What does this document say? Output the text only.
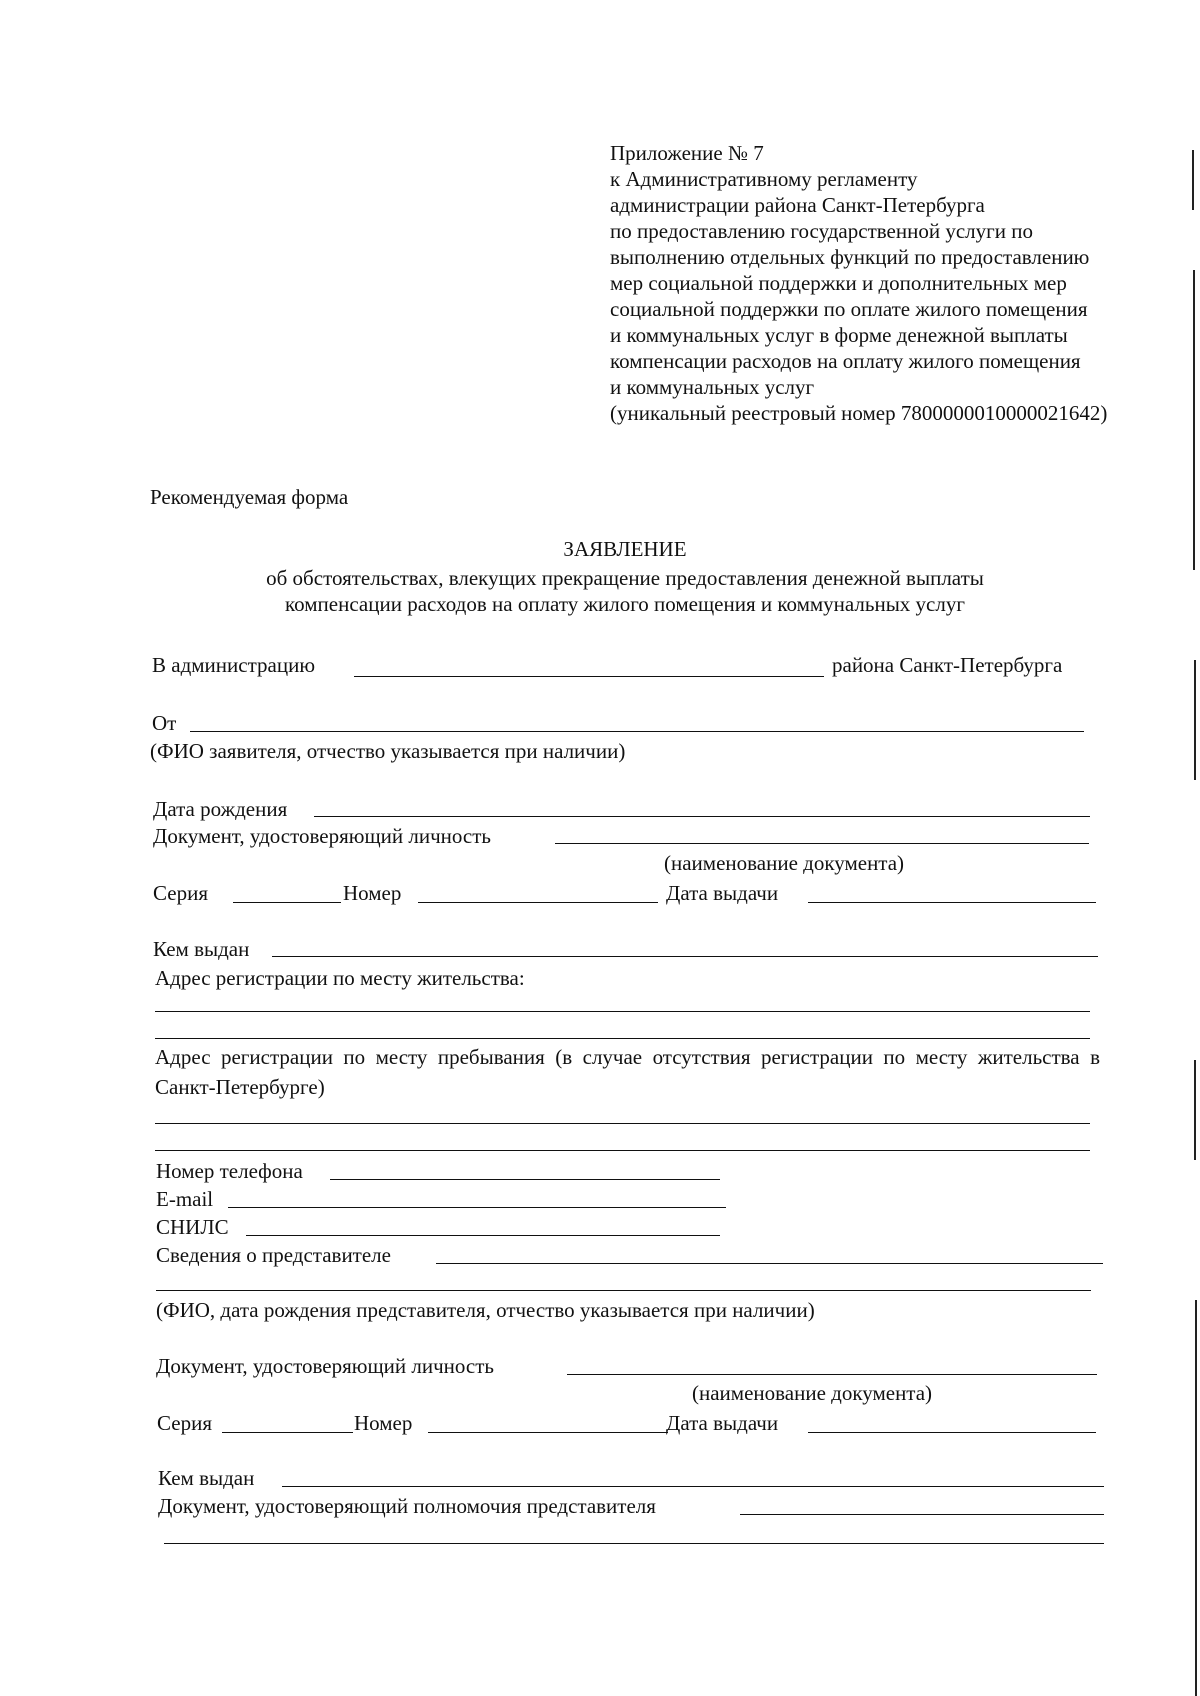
Приложение № 7
к Административному регламенту
администрации района Санкт-Петербурга
по предоставлению государственной услуги по
выполнению отдельных функций по предоставлению
мер социальной поддержки и дополнительных мер
социальной поддержки по оплате жилого помещения
и коммунальных услуг в форме денежной выплаты
компенсации расходов на оплату жилого помещения
и коммунальных услуг
(уникальный реестровый номер 7800000010000021642)
Рекомендуемая форма
ЗАЯВЛЕНИЕ
об обстоятельствах, влекущих прекращение предоставления денежной выплаты
компенсации расходов на оплату жилого помещения и коммунальных услуг
В администрацию	района Санкт-Петербурга
От
(ФИО заявителя, отчество указывается при наличии)
Дата рождения
Документ, удостоверяющий личность
(наименование документа)
Серия	Номер	Дата выдачи
Кем выдан
Адрес регистрации по месту жительства:
Адрес регистрации по месту пребывания (в случае отсутствия регистрации по месту жительства в Санкт-Петербурге)
Номер телефона
E-mail
СНИЛС
Сведения о представителе
(ФИО, дата рождения представителя, отчество указывается при наличии)
Документ, удостоверяющий личность
(наименование документа)
Серия	Номер	Дата выдачи
Кем выдан
Документ, удостоверяющий полномочия представителя
